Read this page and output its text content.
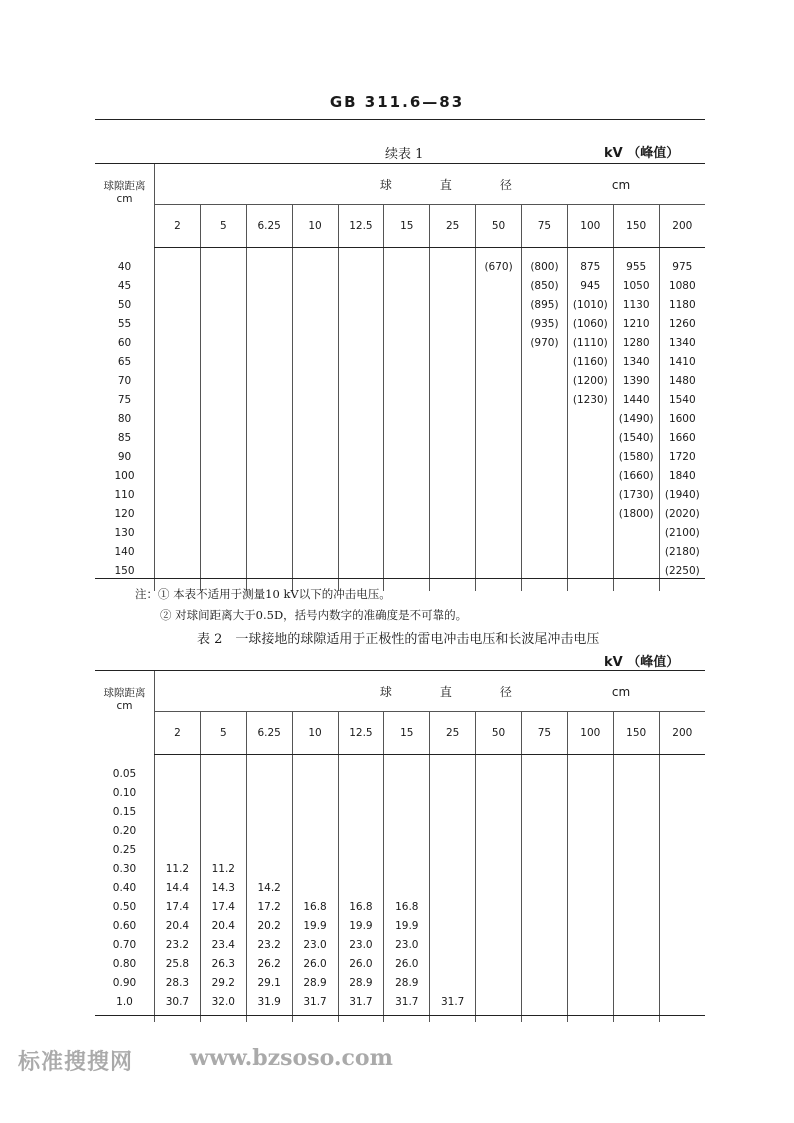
GB 311.6—83
续表 1	kV （峰值）
球隙距离
cm	球　　　　直　　　　径 cm											
	2	5	6.25	10	12.5	15	25	50	75	100	150	200

40								(670)	(800)	875	955	975
45									(850)	945	1050	1080
50									(895)	(1010)	1130	1180
55									(935)	(1060)	1210	1260
60									(970)	(1110)	1280	1340
65										(1160)	1340	1410
70										(1200)	1390	1480
75										(1230)	1440	1540
80											(1490)	1600
85											(1540)	1660
90											(1580)	1720
100											(1660)	1840
110											(1730)	(1940)
120											(1800)	(2020)
130												(2100)
140												(2180)
150												(2250)

注：① 本表不适用于测量10 kV以下的冲击电压。
② 对球间距离大于0.5D，括号内数字的准确度是不可靠的。
表 2　一球接地的球隙适用于正极性的雷电冲击电压和长波尾冲击电压
kV （峰值）
球隙距离
cm	球　　　　直　　　　径 cm											
	2	5	6.25	10	12.5	15	25	50	75	100	150	200

0.05												
0.10												
0.15												
0.20												
0.25												
0.30	11.2	11.2										
0.40	14.4	14.3	14.2									
0.50	17.4	17.4	17.2	16.8	16.8	16.8						
0.60	20.4	20.4	20.2	19.9	19.9	19.9						
0.70	23.2	23.4	23.2	23.0	23.0	23.0						
0.80	25.8	26.3	26.2	26.0	26.0	26.0						
0.90	28.3	29.2	29.1	28.9	28.9	28.9						
1.0	30.7	32.0	31.9	31.7	31.7	31.7	31.7					

标准搜搜网	www.bzsoso.com
